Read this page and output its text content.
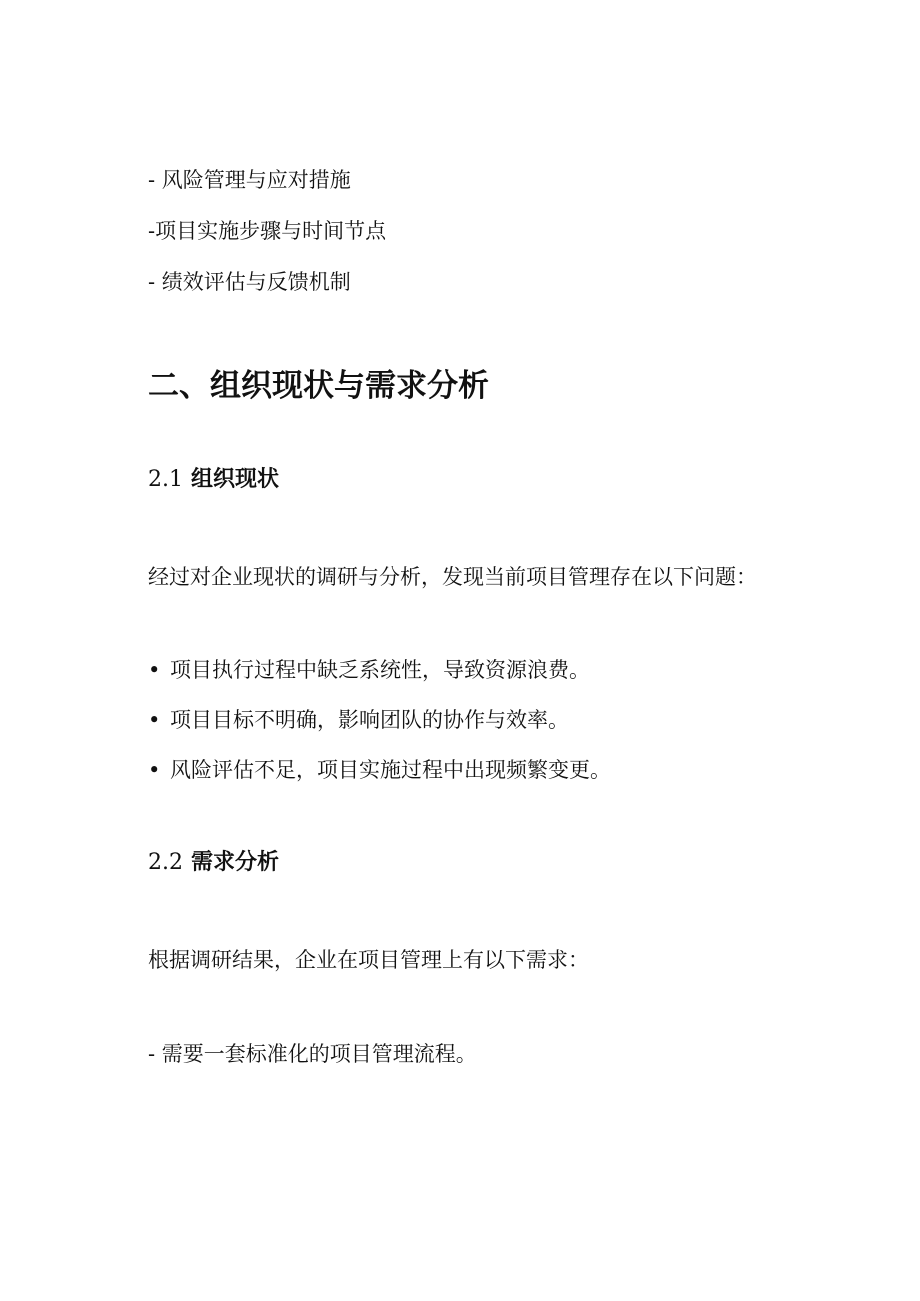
- 风险管理与应对措施
-项目实施步骤与时间节点
- 绩效评估与反馈机制
二、组织现状与需求分析
2.1 组织现状
经过对企业现状的调研与分析，发现当前项目管理存在以下问题：
• 项目执行过程中缺乏系统性，导致资源浪费。
• 项目目标不明确，影响团队的协作与效率。
• 风险评估不足，项目实施过程中出现频繁变更。
2.2 需求分析
根据调研结果，企业在项目管理上有以下需求：
- 需要一套标准化的项目管理流程。
